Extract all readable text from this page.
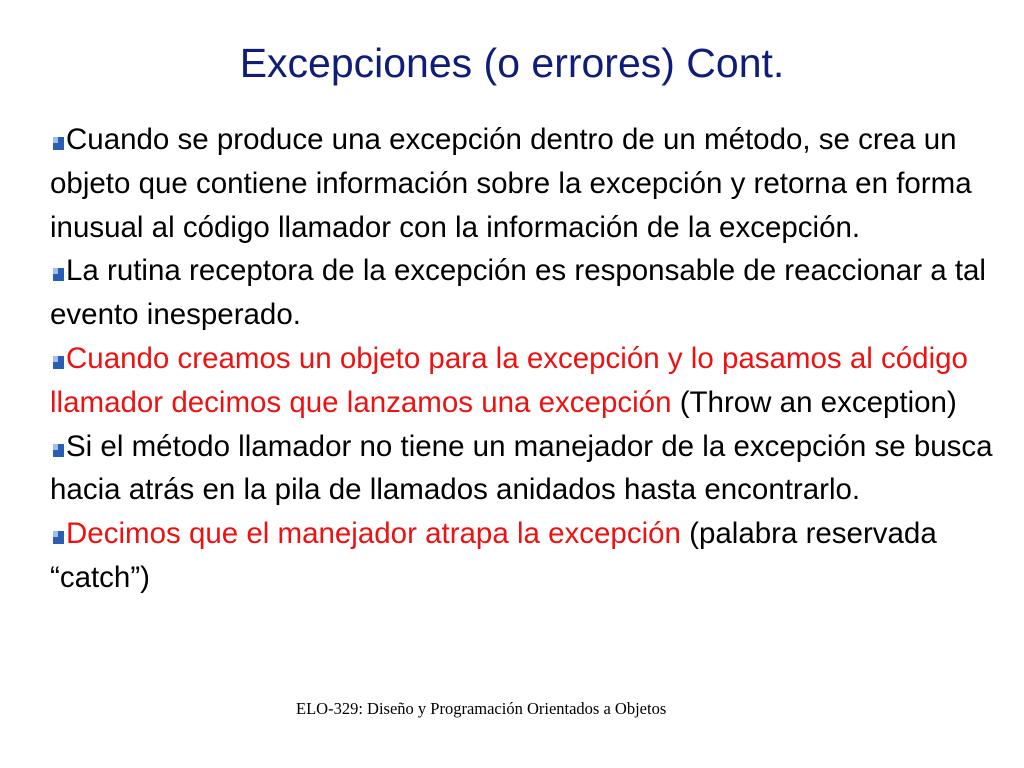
Excepciones (o errores) Cont.

Cuando se produce una excepción dentro de un método, se crea un objeto que contiene información sobre la excepción y retorna en forma inusual al código llamador con la información de la excepción.

La rutina receptora de la excepción es responsable de reaccionar a tal evento inesperado.

Cuando creamos un objeto para la excepción y lo pasamos al código llamador decimos que lanzamos una excepción (Throw an exception)

Si el método llamador no tiene un manejador de la excepción se busca hacia atrás en la pila de llamados anidados hasta encontrarlo.

Decimos que el manejador atrapa la excepción (palabra reservada “catch”)

ELO-329: Diseño y Programación Orientados a Objetos
